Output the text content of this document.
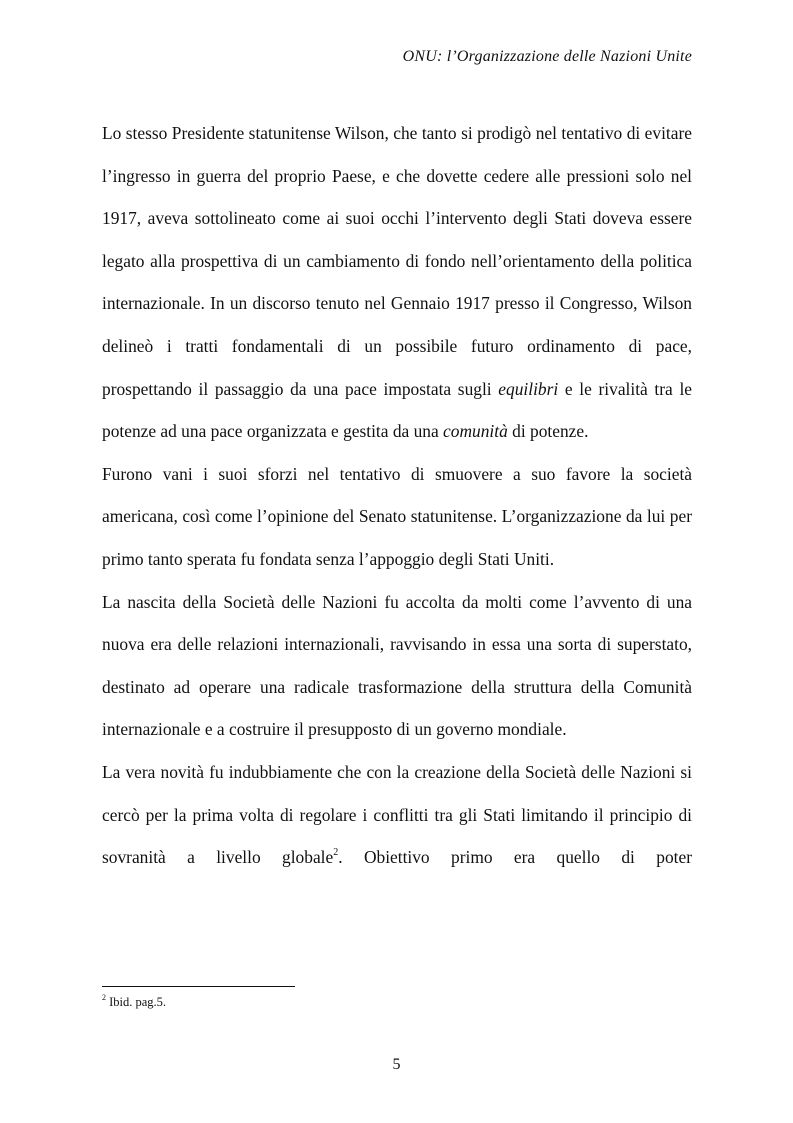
ONU: l’Organizzazione delle Nazioni Unite

Lo stesso Presidente statunitense Wilson, che tanto si prodigò nel tentativo di evitare l’ingresso in guerra del proprio Paese, e che dovette cedere alle pressioni solo nel 1917, aveva sottolineato come ai suoi occhi l’intervento degli Stati doveva essere legato alla prospettiva di un cambiamento di fondo nell’orientamento della politica internazionale. In un discorso tenuto nel Gennaio 1917 presso il Congresso, Wilson delineò i tratti fondamentali di un possibile futuro ordinamento di pace, prospettando il passaggio da una pace impostata sugli equilibri e le rivalità tra le potenze ad una pace organizzata e gestita da una comunità di potenze.

Furono vani i suoi sforzi nel tentativo di smuovere a suo favore la società americana, così come l’opinione del Senato statunitense. L’organizzazione da lui per primo tanto sperata fu fondata senza l’appoggio degli Stati Uniti.

La nascita della Società delle Nazioni fu accolta da molti come l’avvento di una nuova era delle relazioni internazionali, ravvisando in essa una sorta di superstato, destinato ad operare una radicale trasformazione della struttura della Comunità internazionale e a costruire il presupposto di un governo mondiale.

La vera novità fu indubbiamente che con la creazione della Società delle Nazioni si cercò per la prima volta di regolare i conflitti tra gli Stati limitando il principio di sovranità a livello globale$^2$. Obiettivo primo era quello di poter

$^2$ Ibid. pag.5.
5
